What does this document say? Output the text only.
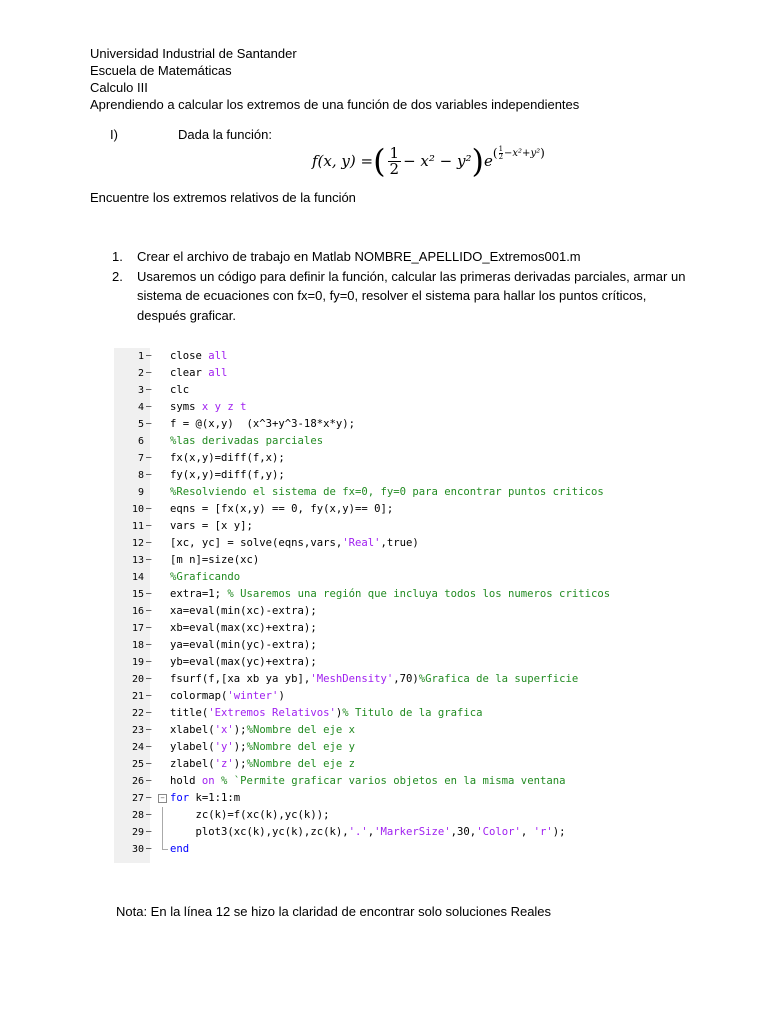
Universidad Industrial de Santander
Escuela de Matemáticas
Calculo III
Aprendiendo a calcular los extremos de una función de dos variables independientes
I)	Dada la función:
f(x, y) = ( $\frac{1}{2} - x^2 - y^2$ ) e ( $\frac{1}{2} -x^2+y^2$ )
Encuentre los extremos relativos de la función
1. Crear el archivo de trabajo en Matlab NOMBRE_APELLIDO_Extremos001.m
2. Usaremos un código para definir la función, calcular las primeras derivadas parciales, armar un sistema de ecuaciones con fx=0, fy=0, resolver el sistema para hallar los puntos críticos, después graficar.
1 —	close all
2 —	clear all
3 —	clc
4 —	syms x y z t
5 —	f = @(x,y)  (x^3+y^3-18*x*y);
6 %las derivadas parciales
7 —	fx(x,y)=diff(f,x);
8 —	fy(x,y)=diff(f,y);
9 %Resolviendo el sistema de fx=0, fy=0 para encontrar puntos criticos
10 —	eqns = [fx(x,y) == 0, fy(x,y)== 0];
11 —	vars = [x y];
12 —	[xc, yc] = solve(eqns,vars,'Real',true)
13 —	[m n]=size(xc)
14 %Graficando
15 —	extra=1; % Usaremos una región que incluya todos los numeros criticos
16 —	xa=eval(min(xc)-extra);
17 —	xb=eval(max(xc)+extra);
18 —	ya=eval(min(yc)-extra);
19 —	yb=eval(max(yc)+extra);
20 —	fsurf(f,[xa xb ya yb],'MeshDensity',70)%Grafica de la superficie
21 —	colormap('winter')
22 —	title('Extremos Relativos')% Titulo de la grafica
23 —	xlabel('x');%Nombre del eje x
24 —	ylabel('y');%Nombre del eje y
25 —	zlabel('z');%Nombre del eje z
26 —	hold on % `Permite graficar varios objetos en la misma ventana
27 —	for k=1:1:m
−
28 —	zc(k)=f(xc(k),yc(k));
29 —	plot3(xc(k),yc(k),zc(k),'.','MarkerSize',30,'Color', 'r');
30 —	end
Nota: En la línea 12 se hizo la claridad de encontrar solo soluciones Reales
